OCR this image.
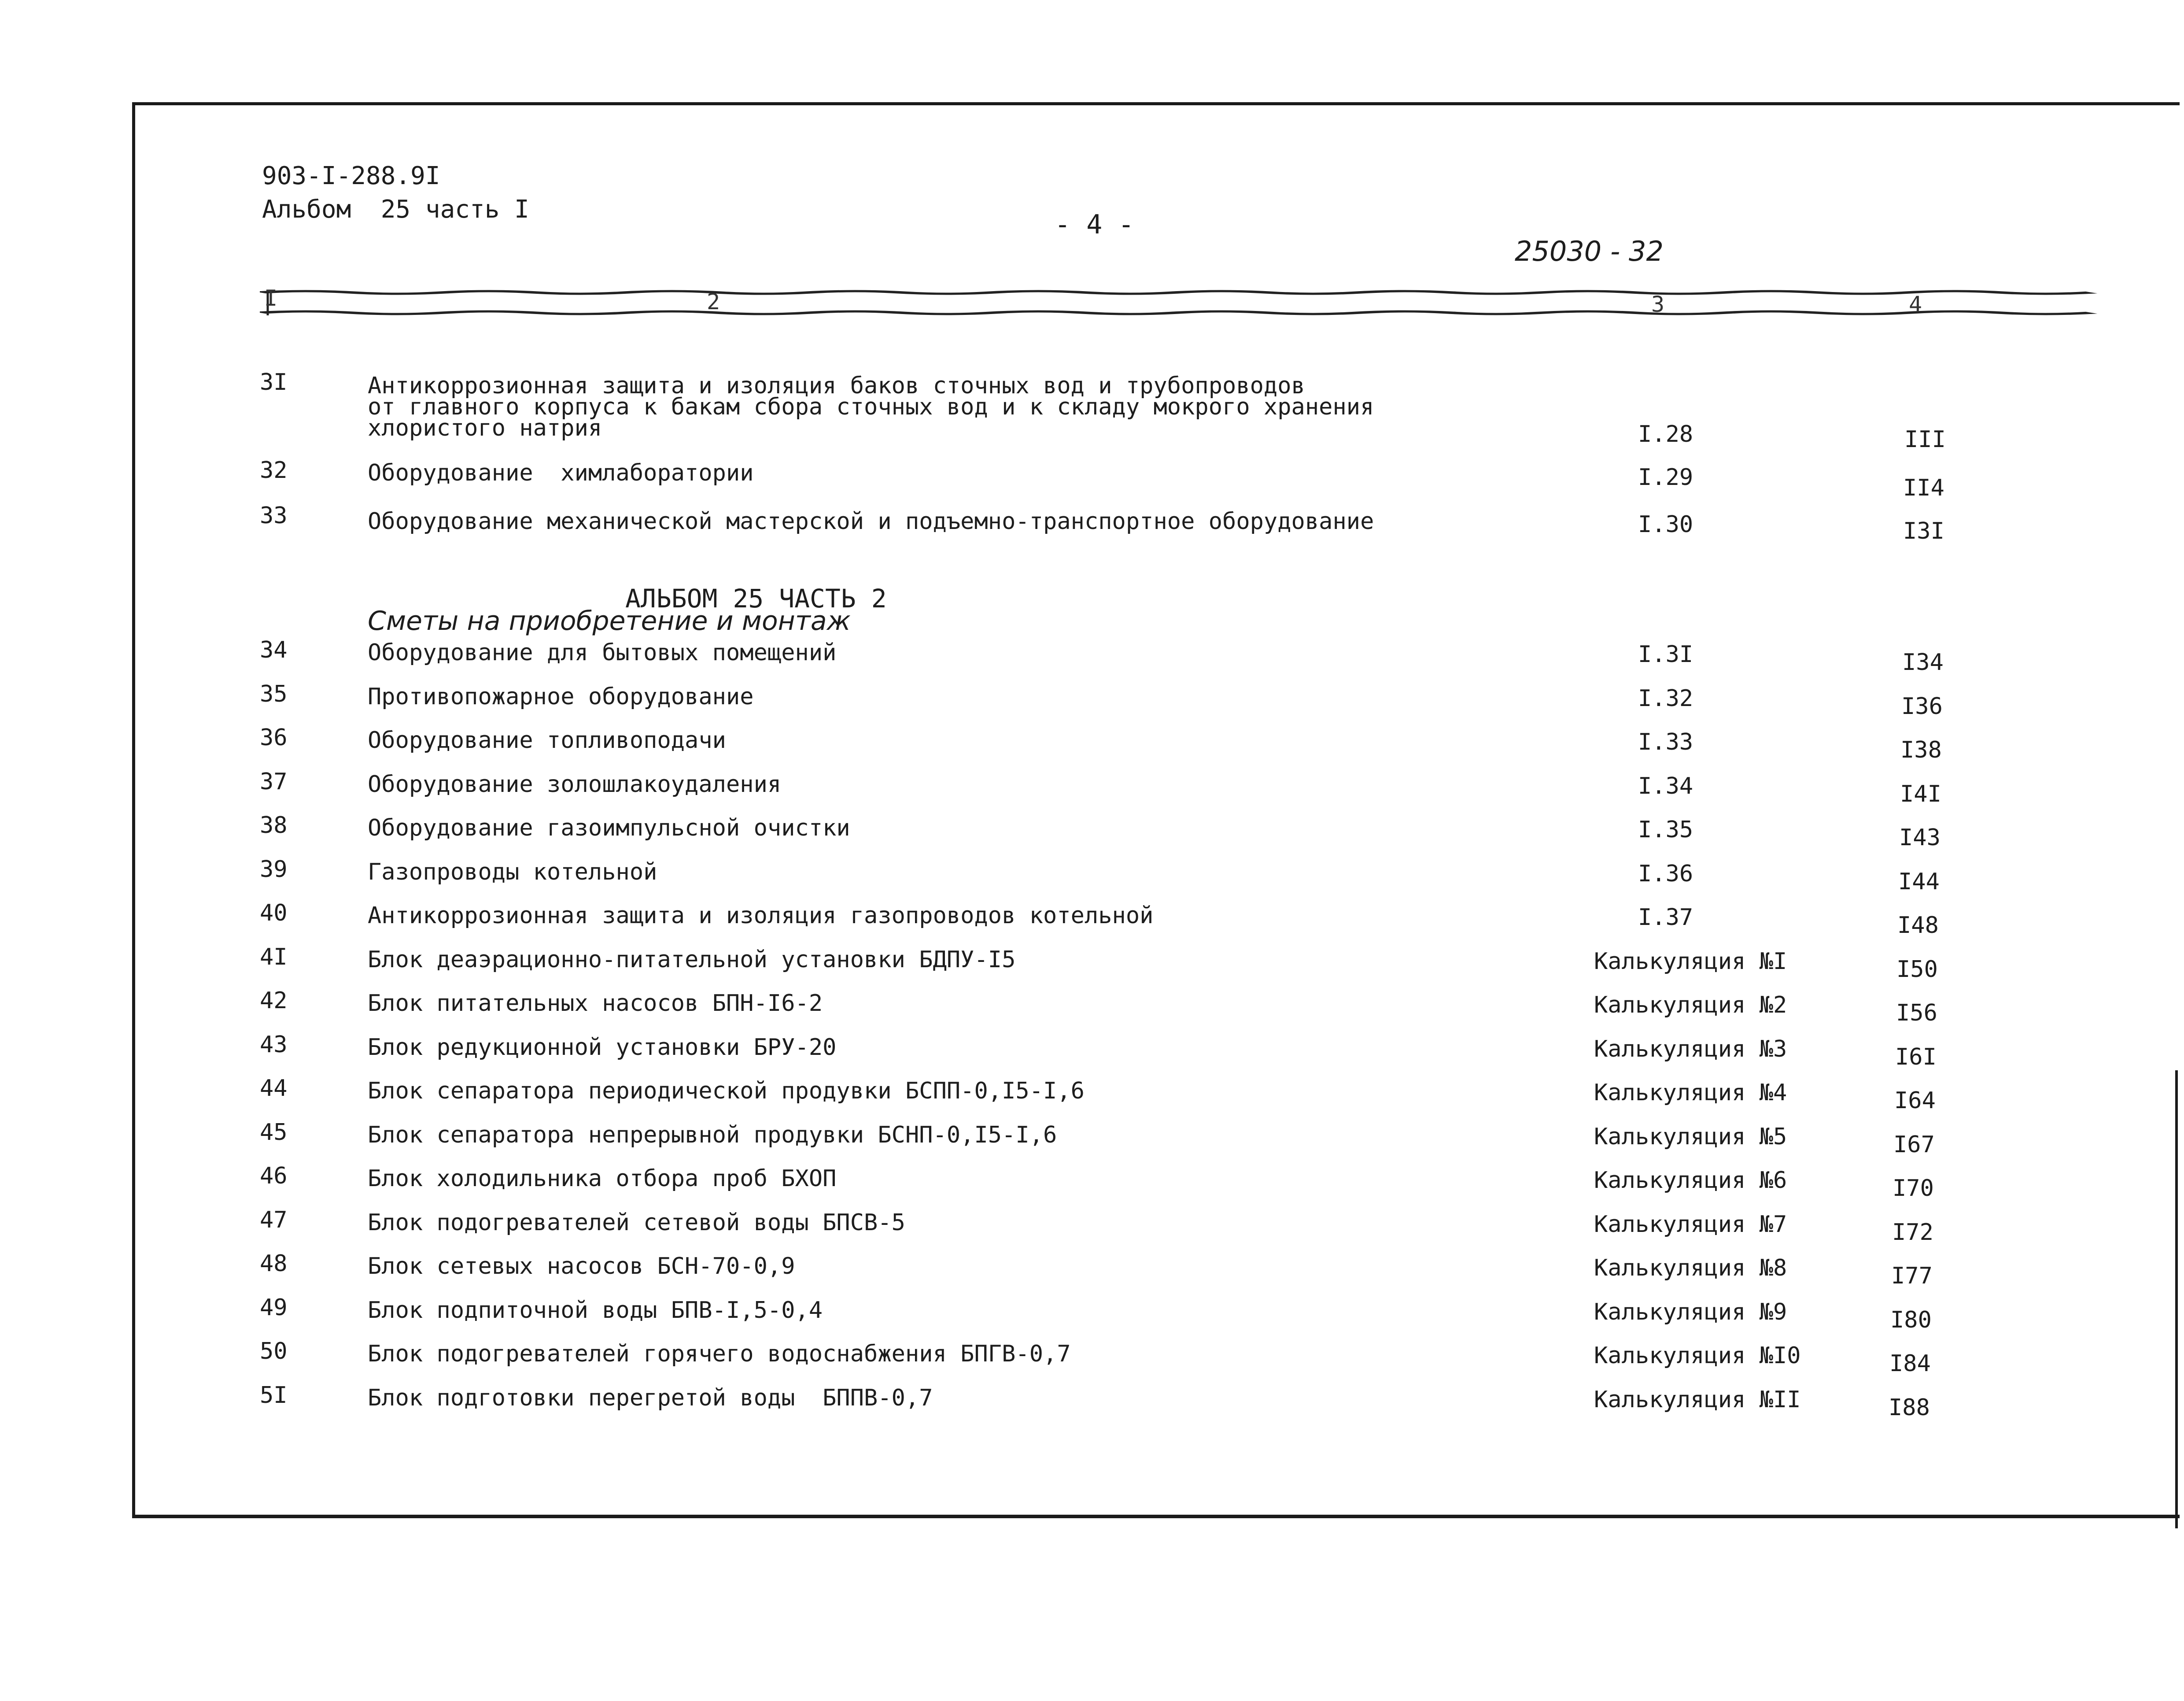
903-I-288.9I
Альбом  25 часть I	- 4 -
25030 - 32
I	2	3	4
3I	Антикоррозионная защита и изоляция баков сточных вод и трубопроводов
от главного корпуса к бакам сбора сточных вод и к складу мокрого хранения
хлористого натрия	I.28	III
32	Оборудование  химлаборатории	I.29	II4
33	Оборудование механической мастерской и подъемно-транспортное оборудование	I.30	I3I
АЛЬБОМ 25 ЧАСТЬ 2
Сметы на приобретение и монтаж
34	Оборудование для бытовых помещений	I.3I	I34
35	Противопожарное оборудование	I.32	I36
36	Оборудование топливоподачи	I.33	I38
37	Оборудование золошлакоудаления	I.34	I4I
38	Оборудование газоимпульсной очистки	I.35	I43
39	Газопроводы котельной	I.36	I44
40	Антикоррозионная защита и изоляция газопроводов котельной	I.37	I48
4I	Блок деаэрационно-питательной установки БДПУ-I5	Калькуляция №I	I50
42	Блок питательных насосов БПН-I6-2	Калькуляция №2	I56
43	Блок редукционной установки БРУ-20	Калькуляция №3	I6I
44	Блок сепаратора периодической продувки БСПП-0,I5-I,6	Калькуляция №4	I64
45	Блок сепаратора непрерывной продувки БСНП-0,I5-I,6	Калькуляция №5	I67
46	Блок холодильника отбора проб БХОП	Калькуляция №6	I70
47	Блок подогревателей сетевой воды БПСВ-5	Калькуляция №7	I72
48	Блок сетевых насосов БСН-70-0,9	Калькуляция №8	I77
49	Блок подпиточной воды БПВ-I,5-0,4	Калькуляция №9	I80
50	Блок подогревателей горячего водоснабжения БПГВ-0,7	Калькуляция №I0	I84
5I	Блок подготовки перегретой воды  БППВ-0,7	Калькуляция №II	I88
